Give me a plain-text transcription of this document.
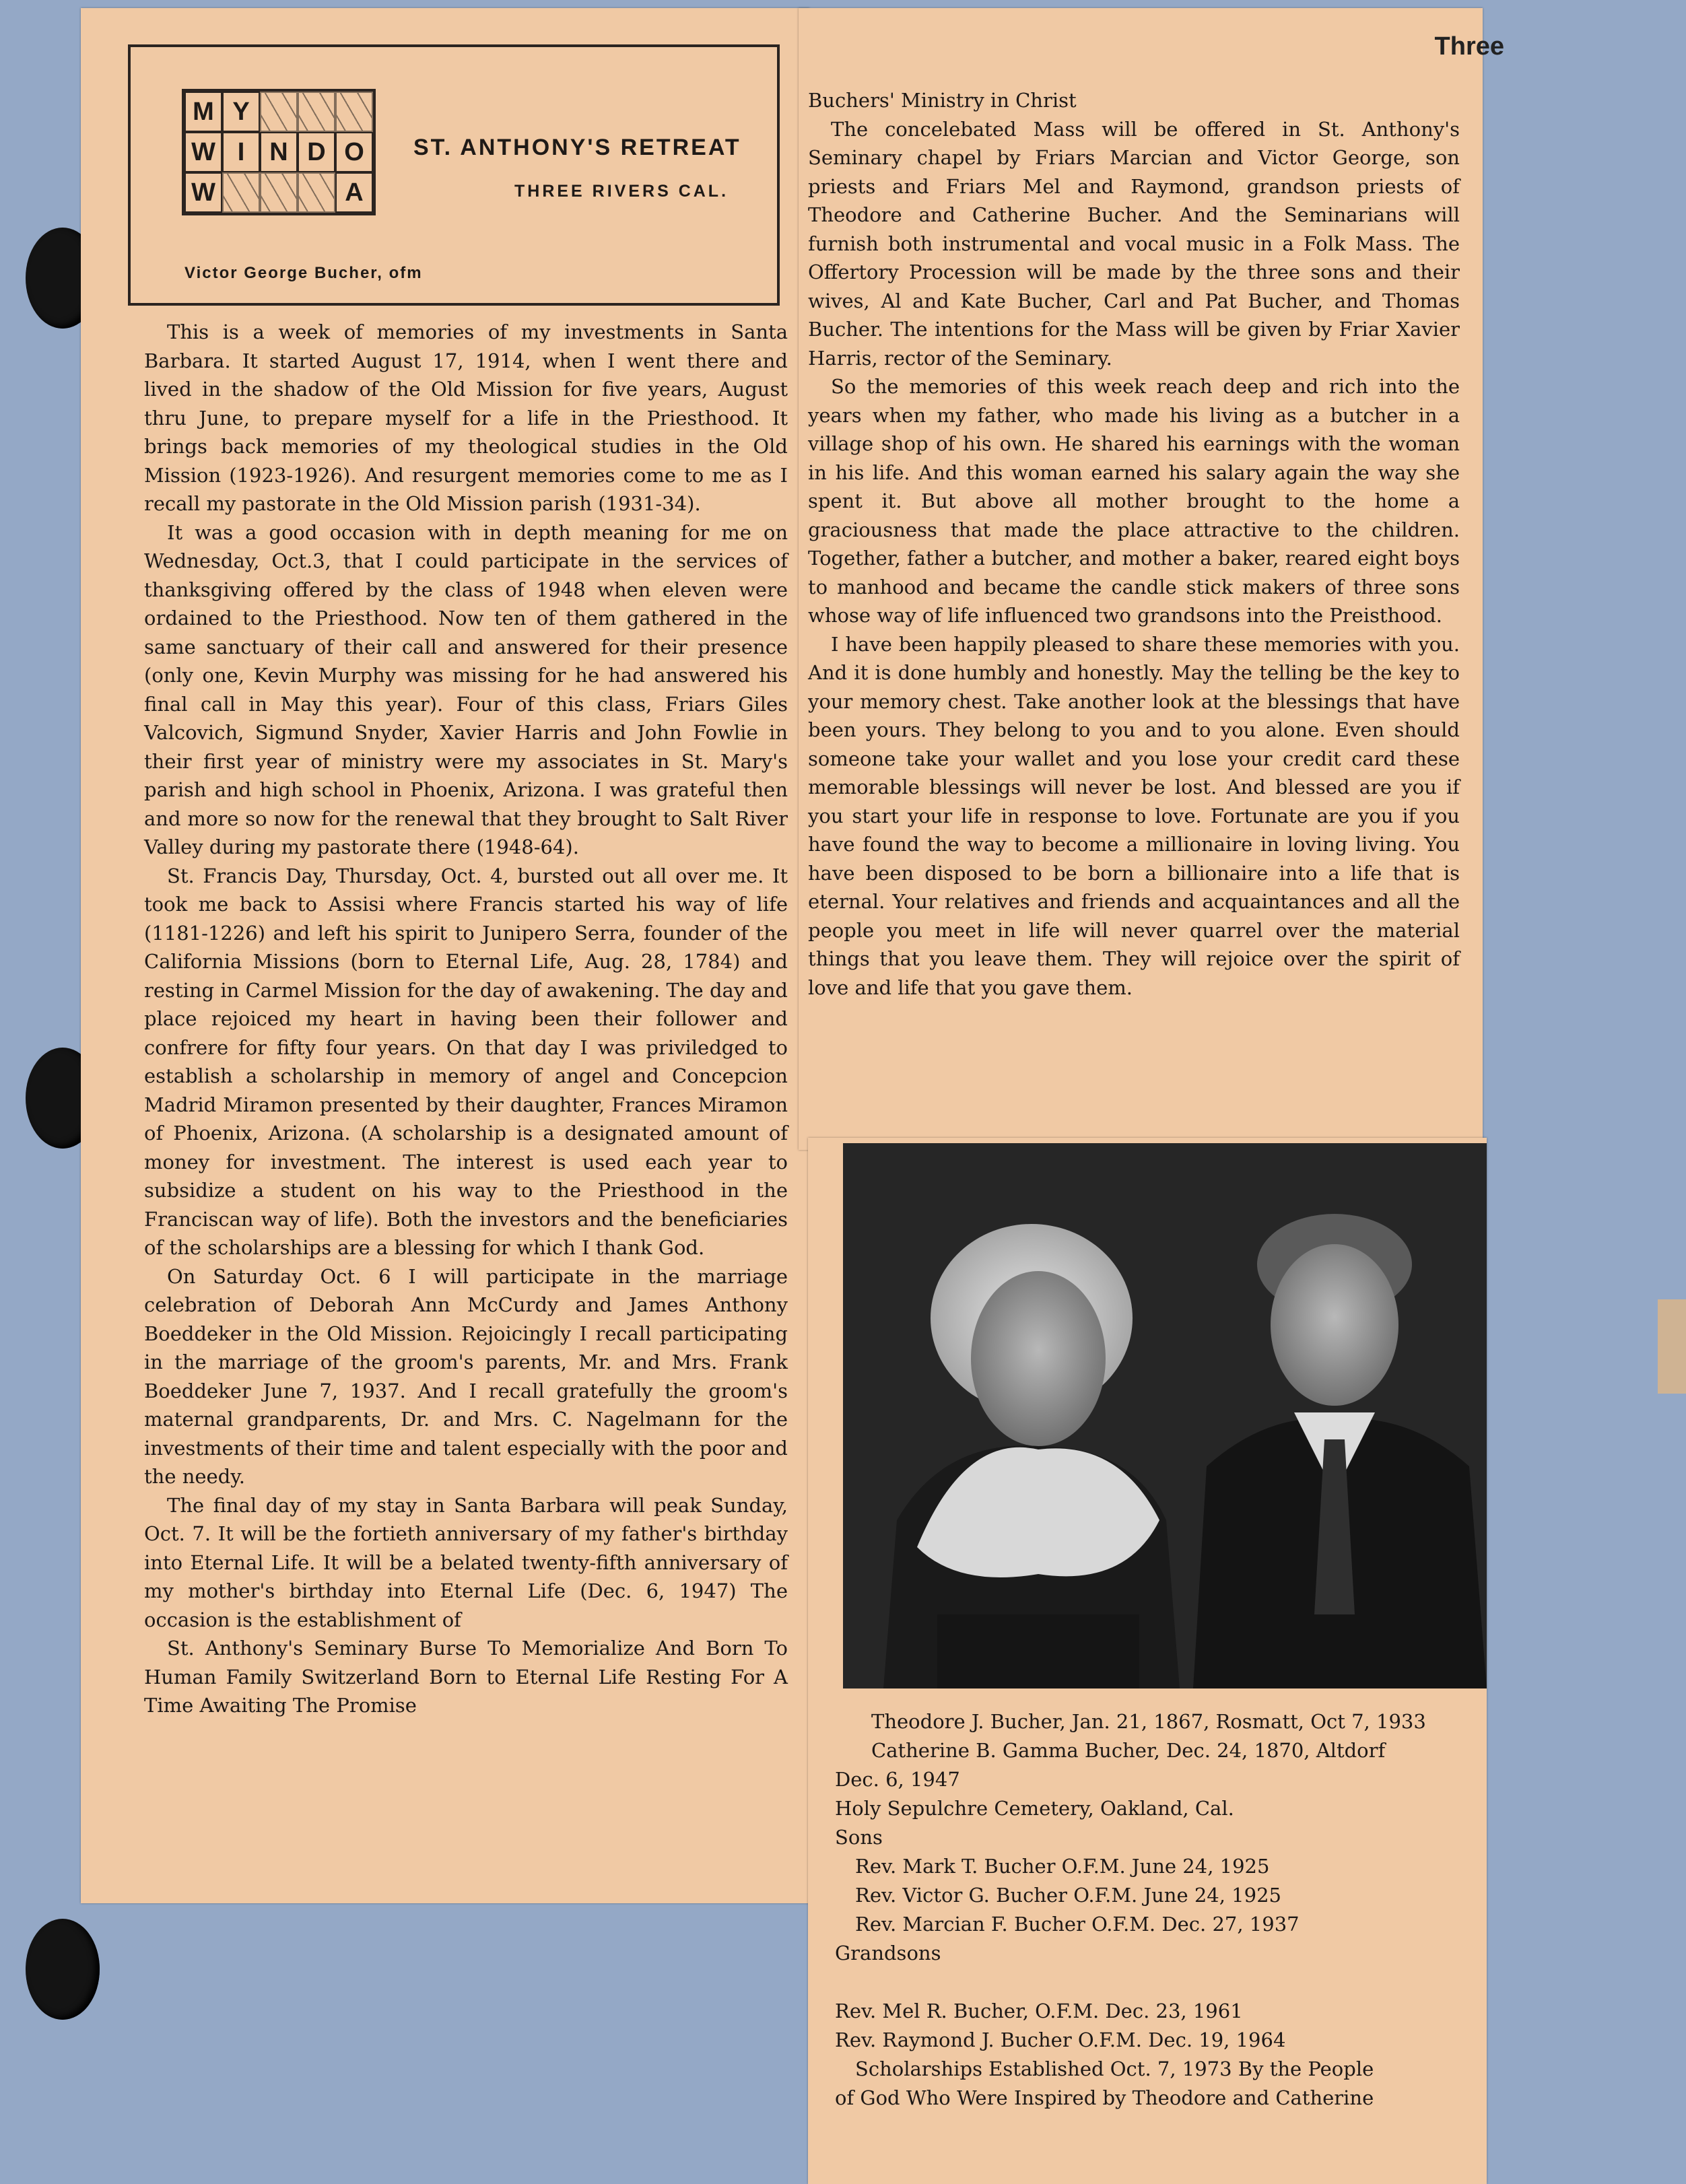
Three
M Y
W I N D O
W	A
ST. ANTHONY'S RETREAT
THREE RIVERS CAL.
Victor George Bucher, ofm

This is a week of memories of my investments in Santa Barbara. It started August 17, 1914, when I went there and lived in the shadow of the Old Mission for five years, August thru June, to prepare myself for a life in the Priesthood. It brings back memories of my theological studies in the Old Mission (1923-1926). And resurgent memories come to me as I recall my pastorate in the Old Mission parish (1931-34).

It was a good occasion with in depth meaning for me on Wednesday, Oct.3, that I could participate in the services of thanksgiving offered by the class of 1948 when eleven were ordained to the Priesthood. Now ten of them gathered in the same sanctuary of their call and answered for their presence (only one, Kevin Murphy was missing for he had answered his final call in May this year). Four of this class, Friars Giles Valcovich, Sigmund Snyder, Xavier Harris and John Fowlie in their first year of ministry were my associates in St. Mary's parish and high school in Phoenix, Arizona. I was grateful then and more so now for the renewal that they brought to Salt River Valley during my pastorate there (1948-64).

St. Francis Day, Thursday, Oct. 4, bursted out all over me. It took me back to Assisi where Francis started his way of life (1181-1226) and left his spirit to Junipero Serra, founder of the California Missions (born to Eternal Life, Aug. 28, 1784) and resting in Carmel Mission for the day of awakening. The day and place rejoiced my heart in having been their follower and confrere for fifty four years. On that day I was priviledged to establish a scholarship in memory of angel and Concepcion Madrid Miramon presented by their daughter, Frances Miramon of Phoenix, Arizona. (A scholarship is a designated amount of money for investment. The interest is used each year to subsidize a student on his way to the Priesthood in the Franciscan way of life). Both the investors and the beneficiaries of the scholarships are a blessing for which I thank God.

On Saturday Oct. 6 I will participate in the marriage celebration of Deborah Ann McCurdy and James Anthony Boeddeker in the Old Mission. Rejoicingly I recall participating in the marriage of the groom's parents, Mr. and Mrs. Frank Boeddeker June 7, 1937. And I recall gratefully the groom's maternal grandparents, Dr. and Mrs. C. Nagelmann for the investments of their time and talent especially with the poor and the needy.

The final day of my stay in Santa Barbara will peak Sunday, Oct. 7. It will be the fortieth anniversary of my father's birthday into Eternal Life. It will be a belated twenty-fifth anniversary of my mother's birthday into Eternal Life (Dec. 6, 1947) The occasion is the establishment of

St. Anthony's Seminary Burse To Memorialize And Born To Human Family Switzerland Born to Eternal Life Resting For A Time Awaiting The Promise

Buchers' Ministry in Christ

The concelebated Mass will be offered in St. Anthony's Seminary chapel by Friars Marcian and Victor George, son priests and Friars Mel and Raymond, grandson priests of Theodore and Catherine Bucher. And the Seminarians will furnish both instrumental and vocal music in a Folk Mass. The Offertory Procession will be made by the three sons and their wives, Al and Kate Bucher, Carl and Pat Bucher, and Thomas Bucher. The intentions for the Mass will be given by Friar Xavier Harris, rector of the Seminary.

So the memories of this week reach deep and rich into the years when my father, who made his living as a butcher in a village shop of his own. He shared his earnings with the woman in his life. And this woman earned his salary again the way she spent it. But above all mother brought to the home a graciousness that made the place attractive to the children. Together, father a butcher, and mother a baker, reared eight boys to manhood and became the candle stick makers of three sons whose way of life influenced two grandsons into the Preisthood.

I have been happily pleased to share these memories with you. And it is done humbly and honestly. May the telling be the key to your memory chest. Take another look at the blessings that have been yours. They belong to you and to you alone. Even should someone take your wallet and you lose your credit card these memorable blessings will never be lost. And blessed are you if you start your life in response to love. Fortunate are you if you have found the way to become a millionaire in loving living. You have been disposed to be born a billionaire into a life that is eternal. Your relatives and friends and acquaintances and all the people you meet in life will never quarrel over the material things that you leave them. They will rejoice over the spirit of love and life that you gave them.

Theodore J. Bucher, Jan. 21, 1867, Rosmatt, Oct 7, 1933
Catherine B. Gamma Bucher, Dec. 24, 1870, Altdorf
Dec. 6, 1947
Holy Sepulchre Cemetery, Oakland, Cal.
Sons
Rev. Mark T. Bucher O.F.M. June 24, 1925
Rev. Victor G. Bucher O.F.M. June 24, 1925
Rev. Marcian F. Bucher O.F.M. Dec. 27, 1937
Grandsons
Rev. Mel R. Bucher, O.F.M. Dec. 23, 1961
Rev. Raymond J. Bucher O.F.M. Dec. 19, 1964
Scholarships Established Oct. 7, 1973 By the People
of God Who Were Inspired by Theodore and Catherine
